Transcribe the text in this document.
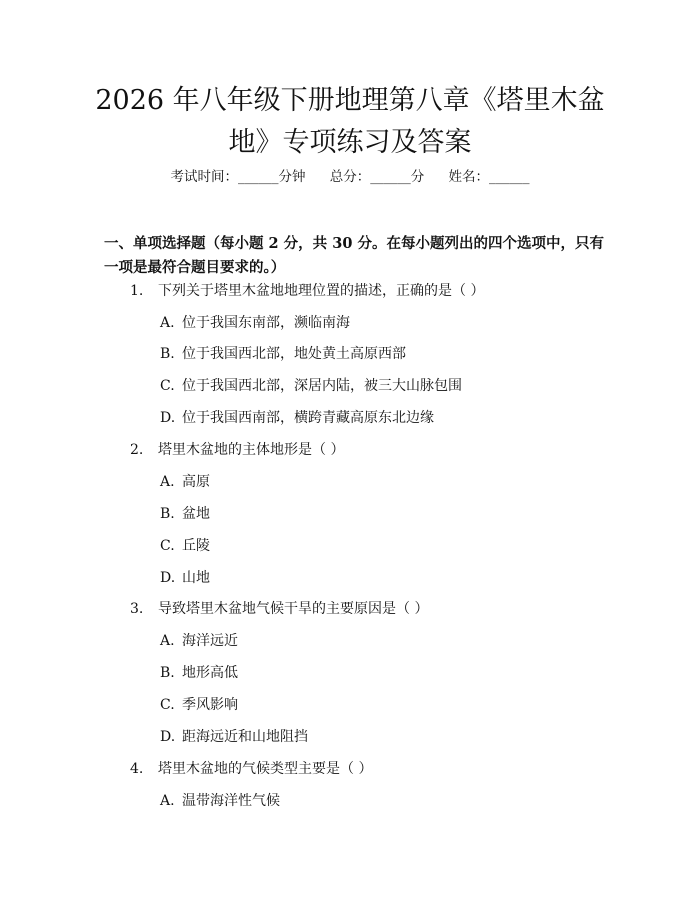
2026 年八年级下册地理第八章《塔里木盆
地》专项练习及答案
考试时间：______分钟 总分：______分 姓名：______

一、单项选择题（每小题 2 分，共 30 分。在每小题列出的四个选项中，只有一项是最符合题目要求的。）

1. 下列关于塔里木盆地地理位置的描述，正确的是（ ）
A. 位于我国东南部，濒临南海
B. 位于我国西北部，地处黄土高原西部
C. 位于我国西北部，深居内陆，被三大山脉包围
D. 位于我国西南部，横跨青藏高原东北边缘
2. 塔里木盆地的主体地形是（ ）
A. 高原
B. 盆地
C. 丘陵
D. 山地
3. 导致塔里木盆地气候干旱的主要原因是（ ）
A. 海洋远近
B. 地形高低
C. 季风影响
D. 距海远近和山地阻挡
4. 塔里木盆地的气候类型主要是（ ）
A. 温带海洋性气候
